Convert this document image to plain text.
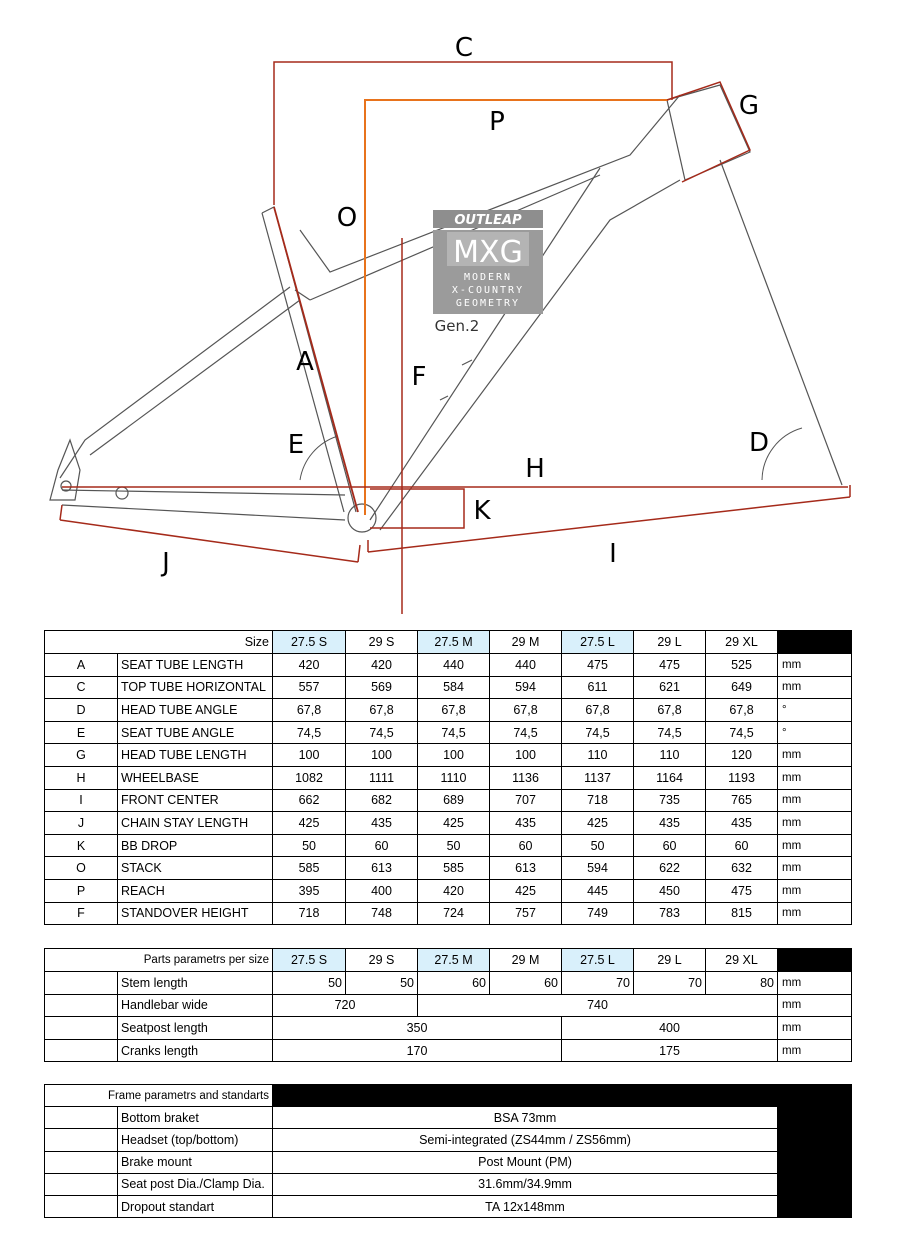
OUTLEAP
MXG
MODERN
X-COUNTRY
GEOMETRY
Gen.2
C
P
G
O
A	F
E	D
H
K
I
J
Size		27.5 S	29 S	27.5 M	29 M	27.5 L	29 L	29 XL	
A	SEAT TUBE LENGTH	420	420	440	440	475	475	525	mm
C	TOP TUBE HORIZONTAL	557	569	584	594	611	621	649	mm
D	HEAD TUBE ANGLE	67,8	67,8	67,8	67,8	67,8	67,8	67,8	°
E	SEAT TUBE ANGLE	74,5	74,5	74,5	74,5	74,5	74,5	74,5	°
G	HEAD TUBE LENGTH	100	100	100	100	110	110	120	mm
H	WHEELBASE	1082	1111	1110	1136	1137	1164	1193	mm
I	FRONT CENTER	662	682	689	707	718	735	765	mm
J	CHAIN STAY LENGTH	425	435	425	435	425	435	435	mm
K	BB DROP	50	60	50	60	50	60	60	mm
O	STACK	585	613	585	613	594	622	632	mm
P	REACH	395	400	420	425	445	450	475	mm
F	STANDOVER HEIGHT	718	748	724	757	749	783	815	mm
Parts parametrs per size		27.5 S	29 S	27.5 M	29 M	27.5 L	29 L	29 XL	
	Stem length	50	50	60	60	70	70	80	mm
	Handlebar wide	720		740					mm
	Seatpost length	350				400			mm
	Cranks length	170				175			mm
Frame parametrs and standarts			
	Bottom braket	BSA 73mm	
	Headset (top/bottom)	Semi-integrated (ZS44mm / ZS56mm)	
	Brake mount	Post Mount (PM)	
	Seat post Dia./Clamp Dia.	31.6mm/34.9mm	
	Dropout standart	TA 12x148mm	
